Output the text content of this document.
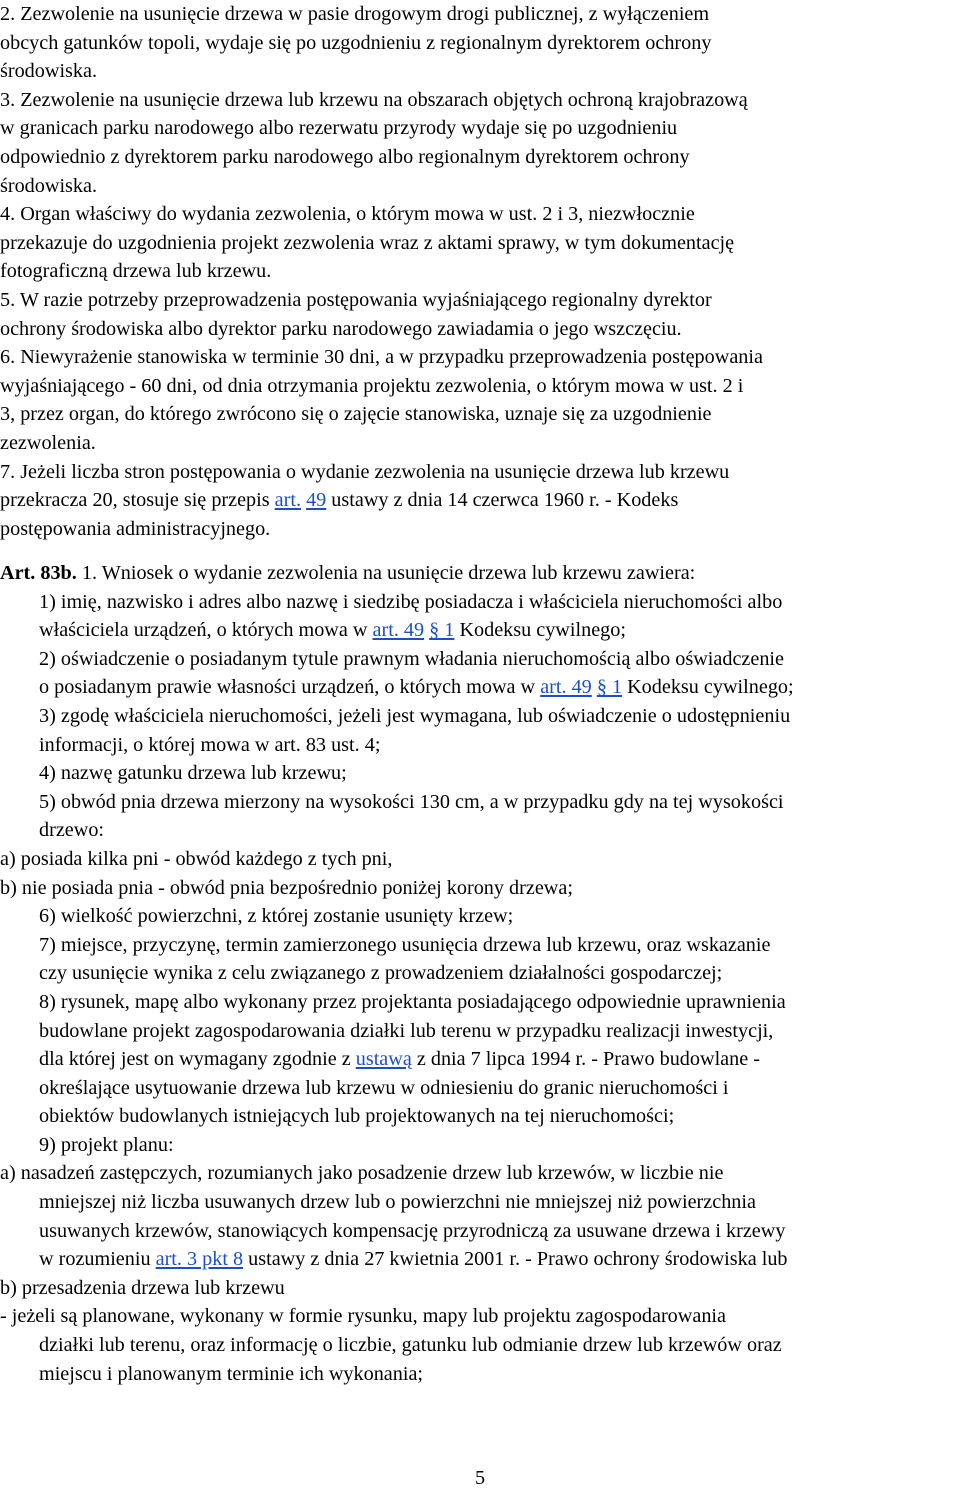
2. Zezwolenie na usunięcie drzewa w pasie drogowym drogi publicznej, z wyłączeniem
obcych gatunków topoli, wydaje się po uzgodnieniu z regionalnym dyrektorem ochrony
środowiska.
3. Zezwolenie na usunięcie drzewa lub krzewu na obszarach objętych ochroną krajobrazową
w granicach parku narodowego albo rezerwatu przyrody wydaje się po uzgodnieniu
odpowiednio z dyrektorem parku narodowego albo regionalnym dyrektorem ochrony
środowiska.
4. Organ właściwy do wydania zezwolenia, o którym mowa w ust. 2 i 3, niezwłocznie
przekazuje do uzgodnienia projekt zezwolenia wraz z aktami sprawy, w tym dokumentację
fotograficzną drzewa lub krzewu.
5. W razie potrzeby przeprowadzenia postępowania wyjaśniającego regionalny dyrektor
ochrony środowiska albo dyrektor parku narodowego zawiadamia o jego wszczęciu.
6. Niewyrażenie stanowiska w terminie 30 dni, a w przypadku przeprowadzenia postępowania
wyjaśniającego - 60 dni, od dnia otrzymania projektu zezwolenia, o którym mowa w ust. 2 i
3, przez organ, do którego zwrócono się o zajęcie stanowiska, uznaje się za uzgodnienie
zezwolenia.
7. Jeżeli liczba stron postępowania o wydanie zezwolenia na usunięcie drzewa lub krzewu
przekracza 20, stosuje się przepis art. 49 ustawy z dnia 14 czerwca 1960 r. - Kodeks
postępowania administracyjnego.
Art. 83b. 1. Wniosek o wydanie zezwolenia na usunięcie drzewa lub krzewu zawiera:
1) imię, nazwisko i adres albo nazwę i siedzibę posiadacza i właściciela nieruchomości albo
właściciela urządzeń, o których mowa w art. 49 § 1 Kodeksu cywilnego;
2) oświadczenie o posiadanym tytule prawnym władania nieruchomością albo oświadczenie
o posiadanym prawie własności urządzeń, o których mowa w art. 49 § 1 Kodeksu cywilnego;
3) zgodę właściciela nieruchomości, jeżeli jest wymagana, lub oświadczenie o udostępnieniu
informacji, o której mowa w art. 83 ust. 4;
4) nazwę gatunku drzewa lub krzewu;
5) obwód pnia drzewa mierzony na wysokości 130 cm, a w przypadku gdy na tej wysokości
drzewo:
a) posiada kilka pni - obwód każdego z tych pni,
b) nie posiada pnia - obwód pnia bezpośrednio poniżej korony drzewa;
6) wielkość powierzchni, z której zostanie usunięty krzew;
7) miejsce, przyczynę, termin zamierzonego usunięcia drzewa lub krzewu, oraz wskazanie
czy usunięcie wynika z celu związanego z prowadzeniem działalności gospodarczej;
8) rysunek, mapę albo wykonany przez projektanta posiadającego odpowiednie uprawnienia
budowlane projekt zagospodarowania działki lub terenu w przypadku realizacji inwestycji,
dla której jest on wymagany zgodnie z ustawą z dnia 7 lipca 1994 r. - Prawo budowlane -
określające usytuowanie drzewa lub krzewu w odniesieniu do granic nieruchomości i
obiektów budowlanych istniejących lub projektowanych na tej nieruchomości;
9) projekt planu:
a) nasadzeń zastępczych, rozumianych jako posadzenie drzew lub krzewów, w liczbie nie
mniejszej niż liczba usuwanych drzew lub o powierzchni nie mniejszej niż powierzchnia
usuwanych krzewów, stanowiących kompensację przyrodniczą za usuwane drzewa i krzewy
w rozumieniu art. 3 pkt 8 ustawy z dnia 27 kwietnia 2001 r. - Prawo ochrony środowiska lub
b) przesadzenia drzewa lub krzewu
- jeżeli są planowane, wykonany w formie rysunku, mapy lub projektu zagospodarowania
działki lub terenu, oraz informację o liczbie, gatunku lub odmianie drzew lub krzewów oraz
miejscu i planowanym terminie ich wykonania;
5
